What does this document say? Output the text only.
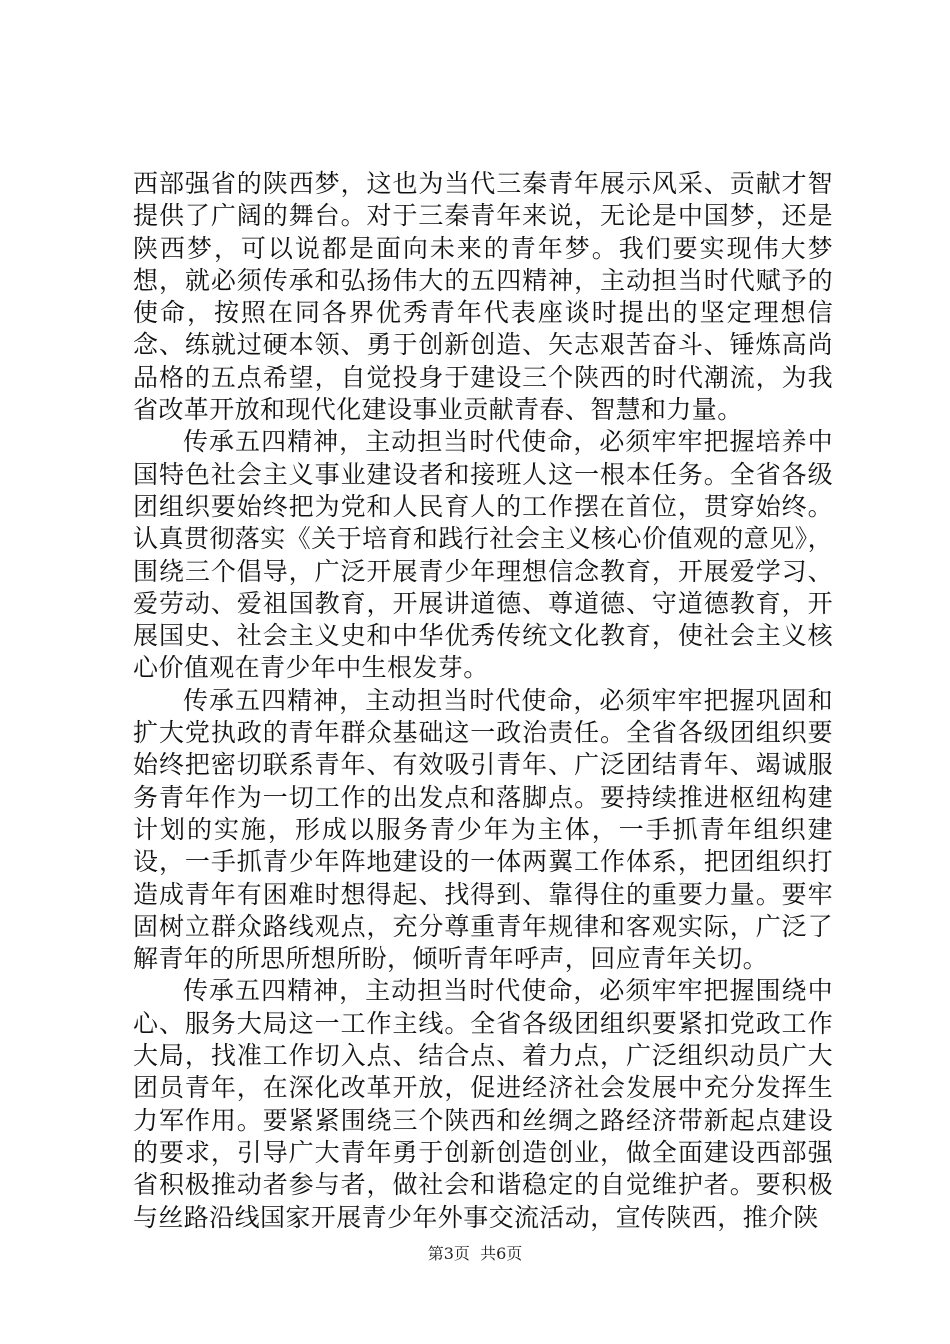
西部强省的陕西梦，这也为当代三秦青年展示风采、贡献才智提供了广阔的舞台。对于三秦青年来说，无论是中国梦，还是陕西梦，可以说都是面向未来的青年梦。我们要实现伟大梦想，就必须传承和弘扬伟大的五四精神，主动担当时代赋予的使命，按照在同各界优秀青年代表座谈时提出的坚定理想信念、练就过硬本领、勇于创新创造、矢志艰苦奋斗、锤炼高尚品格的五点希望，自觉投身于建设三个陕西的时代潮流，为我省改革开放和现代化建设事业贡献青春、智慧和力量。

传承五四精神，主动担当时代使命，必须牢牢把握培养中国特色社会主义事业建设者和接班人这一根本任务。全省各级团组织要始终把为党和人民育人的工作摆在首位，贯穿始终。认真贯彻落实《关于培育和践行社会主义核心价值观的意见》，围绕三个倡导，广泛开展青少年理想信念教育，开展爱学习、爱劳动、爱祖国教育，开展讲道德、尊道德、守道德教育，开展国史、社会主义史和中华优秀传统文化教育，使社会主义核心价值观在青少年中生根发芽。

传承五四精神，主动担当时代使命，必须牢牢把握巩固和扩大党执政的青年群众基础这一政治责任。全省各级团组织要始终把密切联系青年、有效吸引青年、广泛团结青年、竭诚服务青年作为一切工作的出发点和落脚点。要持续推进枢纽构建计划的实施，形成以服务青少年为主体，一手抓青年组织建设，一手抓青少年阵地建设的一体两翼工作体系，把团组织打造成青年有困难时想得起、找得到、靠得住的重要力量。要牢固树立群众路线观点，充分尊重青年规律和客观实际，广泛了解青年的所思所想所盼，倾听青年呼声，回应青年关切。

传承五四精神，主动担当时代使命，必须牢牢把握围绕中心、服务大局这一工作主线。全省各级团组织要紧扣党政工作大局，找准工作切入点、结合点、着力点，广泛组织动员广大团员青年，在深化改革开放，促进经济社会发展中充分发挥生力军作用。要紧紧围绕三个陕西和丝绸之路经济带新起点建设的要求，引导广大青年勇于创新创造创业，做全面建设西部强省积极推动者参与者，做社会和谐稳定的自觉维护者。要积极与丝路沿线国家开展青少年外事交流活动，宣传陕西，推介陕

第3页 共6页
